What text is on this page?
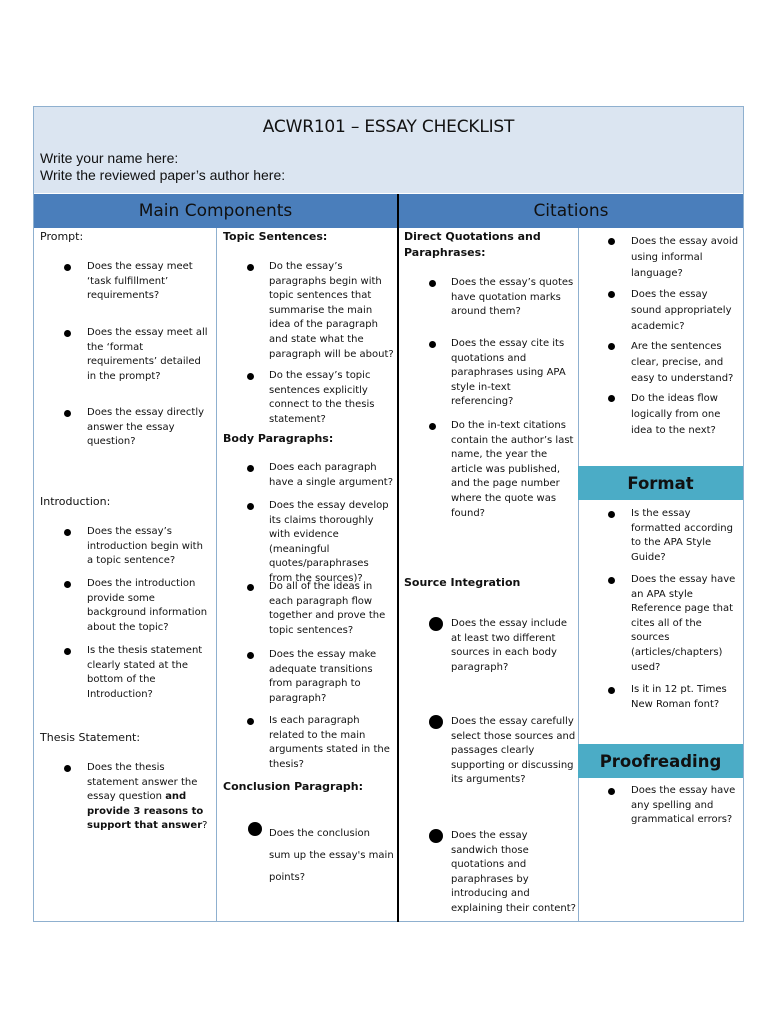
ACWR101 – ESSAY CHECKLIST
Write your name here:
Write the reviewed paper’s author here:
Main Components	Citations
Prompt:
Does the essay meet ‘task fulfillment’ requirements?
Does the essay meet all the ‘format requirements’ detailed in the prompt?
Does the essay directly answer the essay question?
Introduction:
Does the essay’s introduction begin with a topic sentence?
Does the introduction provide some background information about the topic?
Is the thesis statement clearly stated at the bottom of the Introduction?
Thesis Statement:
Does the thesis statement answer the essay question and provide 3 reasons to support that answer?
Topic Sentences:
Do the essay’s paragraphs begin with topic sentences that summarise the main idea of the paragraph and state what the paragraph will be about?
Do the essay’s topic sentences explicitly connect to the thesis statement?
Body Paragraphs:
Does each paragraph have a single argument?
Does the essay develop its claims thoroughly with evidence (meaningful quotes/paraphrases from the sources)?
Do all of the ideas in each paragraph flow together and prove the topic sentences?
Does the essay make adequate transitions from paragraph to paragraph?
Is each paragraph related to the main arguments stated in the thesis?
Conclusion Paragraph:
Does the conclusion sum up the essay's main points?
Direct Quotations and Paraphrases:
Does the essay’s quotes have quotation marks around them?
Does the essay cite its quotations and paraphrases using APA style in-text referencing?
Do the in-text citations contain the author’s last name, the year the article was published, and the page number where the quote was found?
Source Integration
Does the essay include at least two different sources in each body paragraph?
Does the essay carefully select those sources and passages clearly supporting or discussing its arguments?
Does the essay sandwich those quotations and paraphrases by introducing and explaining their content?
Does the essay avoid using informal language?
Does the essay sound appropriately academic?
Are the sentences clear, precise, and easy to understand?
Do the ideas flow logically from one idea to the next?
Format
Is the essay formatted according to the APA Style Guide?
Does the essay have an APA style Reference page that cites all of the sources (articles/chapters) used?
Is it in 12 pt. Times New Roman font?
Proofreading
Does the essay have any spelling and grammatical errors?
